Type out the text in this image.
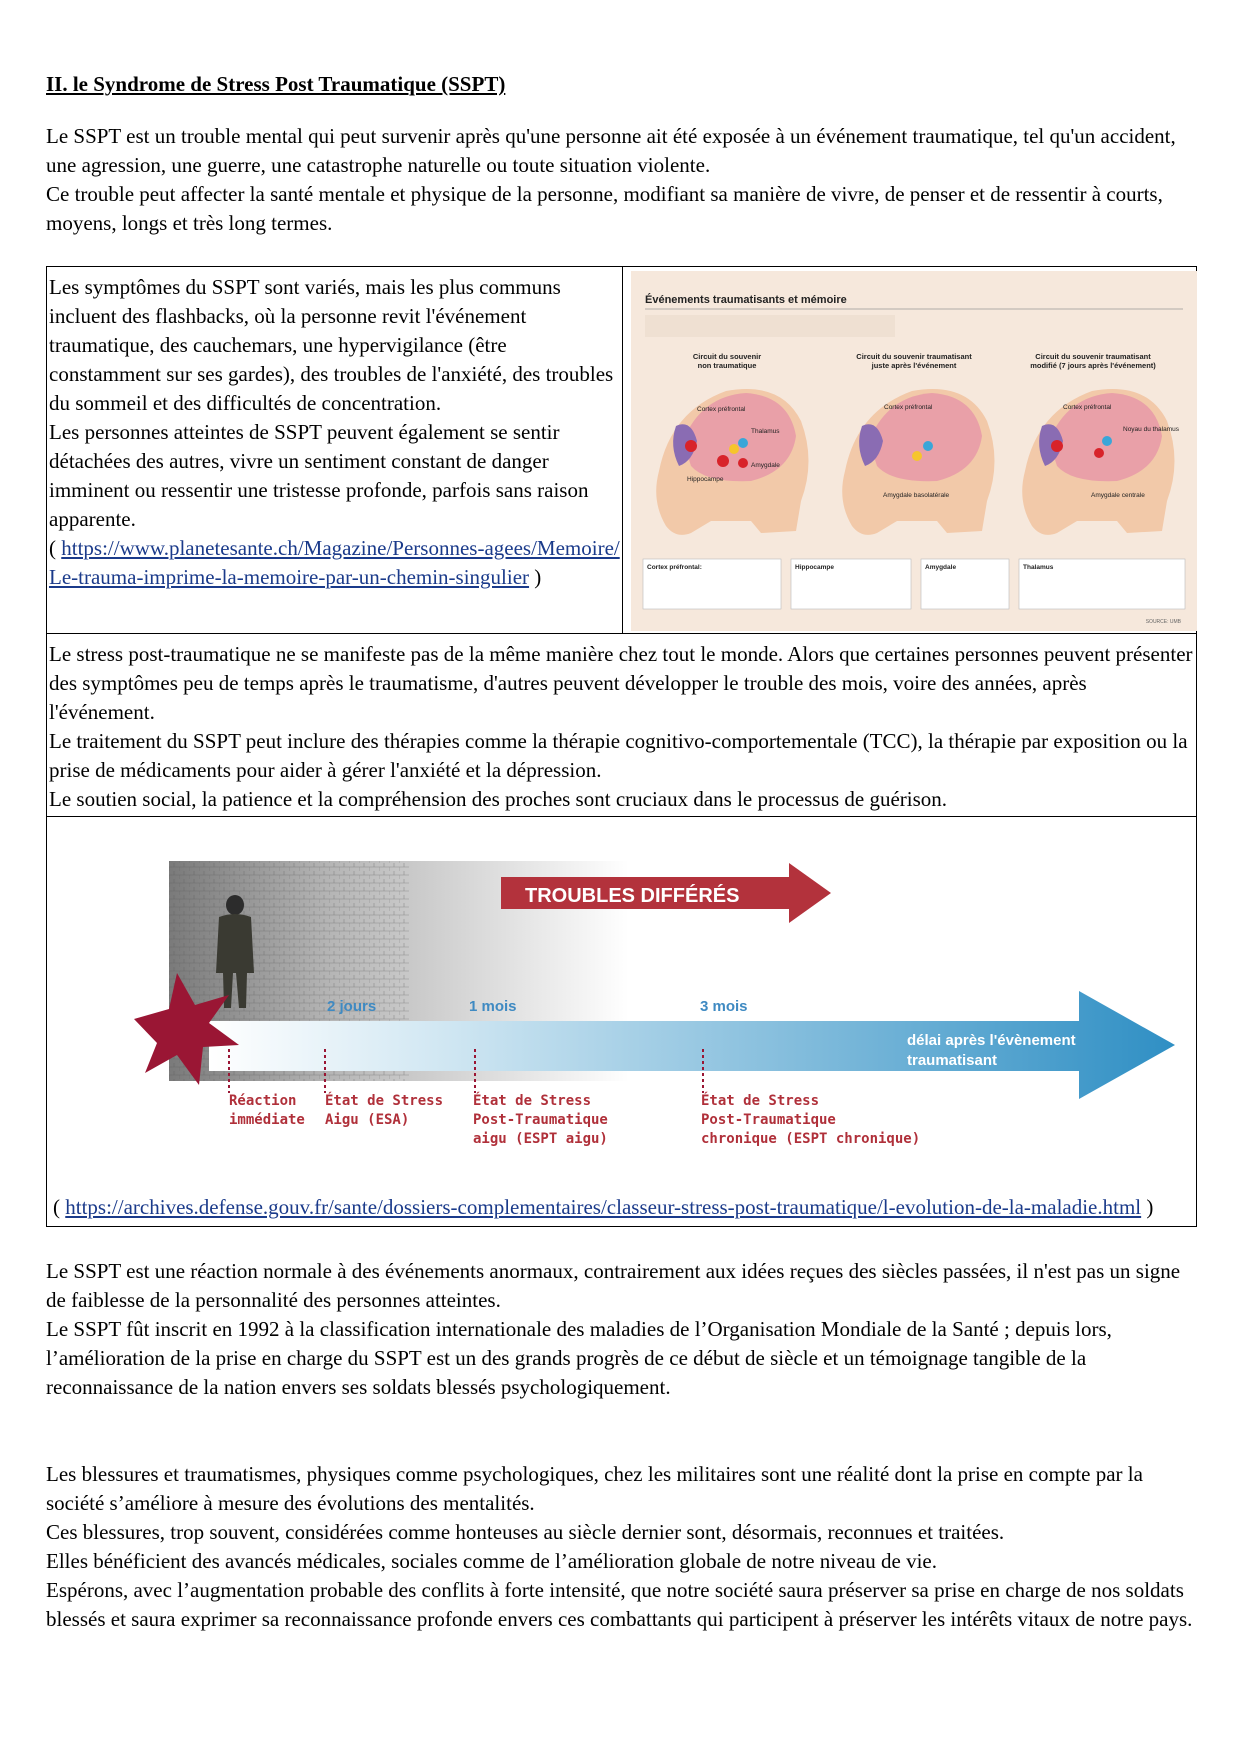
II. le Syndrome de Stress Post Traumatique (SSPT)

Le SSPT est un trouble mental qui peut survenir après qu'une personne ait été exposée à un événement traumatique, tel qu'un accident, une agression, une guerre, une catastrophe naturelle ou toute situation violente.

Ce trouble peut affecter la santé mentale et physique de la personne, modifiant sa manière de vivre, de penser et de ressentir à courts, moyens, longs et très long termes.

Les symptômes du SSPT sont variés, mais les plus communs incluent des flashbacks, où la personne revit l'événement traumatique, des cauchemars, une hypervigilance (être constamment sur ses gardes), des troubles de l'anxiété, des troubles du sommeil et des difficultés de concentration.

Les personnes atteintes de SSPT peuvent également se sentir détachées des autres, vivre un sentiment constant de danger imminent ou ressentir une tristesse profonde, parfois sans raison apparente.

( https://www.planetesante.ch/Magazine/Personnes-agees/Memoire/Le-trauma-imprime-la-memoire-par-un-chemin-singulier )

Événements traumatisants et mémoire
Circuit du souvenir
non traumatique
Circuit du souvenir traumatisant
juste après l'événement
Circuit du souvenir traumatisant
modifié (7 jours après l'événement)
Cortex préfrontal
Thalamus
Amygdale
Hippocampe
Cortex préfrontal
Amygdale basolatérale
Cortex préfrontal
Noyau du thalamus
Amygdale centrale
Cortex préfrontal:	Hippocampe	Amygdale	Thalamus
SOURCE: UMB

Le stress post-traumatique ne se manifeste pas de la même manière chez tout le monde. Alors que certaines personnes peuvent présenter des symptômes peu de temps après le traumatisme, d'autres peuvent développer le trouble des mois, voire des années, après l'événement.

Le traitement du SSPT peut inclure des thérapies comme la thérapie cognitivo-comportementale (TCC), la thérapie par exposition ou la prise de médicaments pour aider à gérer l'anxiété et la dépression.

Le soutien social, la patience et la compréhension des proches sont cruciaux dans le processus de guérison.

TROUBLES DIFFÉRÉS
délai après l'évènement
traumatisant
2 jours	1 mois	3 mois
Réaction
immédiate
État de Stress
Aigu (ESA)
État de Stress
Post-Traumatique
aigu (ESPT aigu)
État de Stress
Post-Traumatique
chronique (ESPT chronique)

( https://archives.defense.gouv.fr/sante/dossiers-complementaires/classeur-stress-post-traumatique/l-evolution-de-la-maladie.html )

Le SSPT est une réaction normale à des événements anormaux, contrairement aux idées reçues des siècles passées, il n'est pas un signe de faiblesse de la personnalité des personnes atteintes.

Le SSPT fût inscrit en 1992 à la classification internationale des maladies de l’Organisation Mondiale de la Santé ; depuis lors, l’amélioration de la prise en charge du SSPT est un des grands progrès de ce début de siècle et un témoignage tangible de la reconnaissance de la nation envers ses soldats blessés psychologiquement.

Les blessures et traumatismes, physiques comme psychologiques, chez les militaires sont une réalité dont la prise en compte par la société s’améliore à mesure des évolutions des mentalités.

Ces blessures, trop souvent, considérées comme honteuses au siècle dernier sont, désormais, reconnues et traitées.

Elles bénéficient des avancés médicales, sociales comme de l’amélioration globale de notre niveau de vie.

Espérons, avec l’augmentation probable des conflits à forte intensité, que notre société saura préserver sa prise en charge de nos soldats blessés et saura exprimer sa reconnaissance profonde envers ces combattants qui participent à préserver les intérêts vitaux de notre pays.
